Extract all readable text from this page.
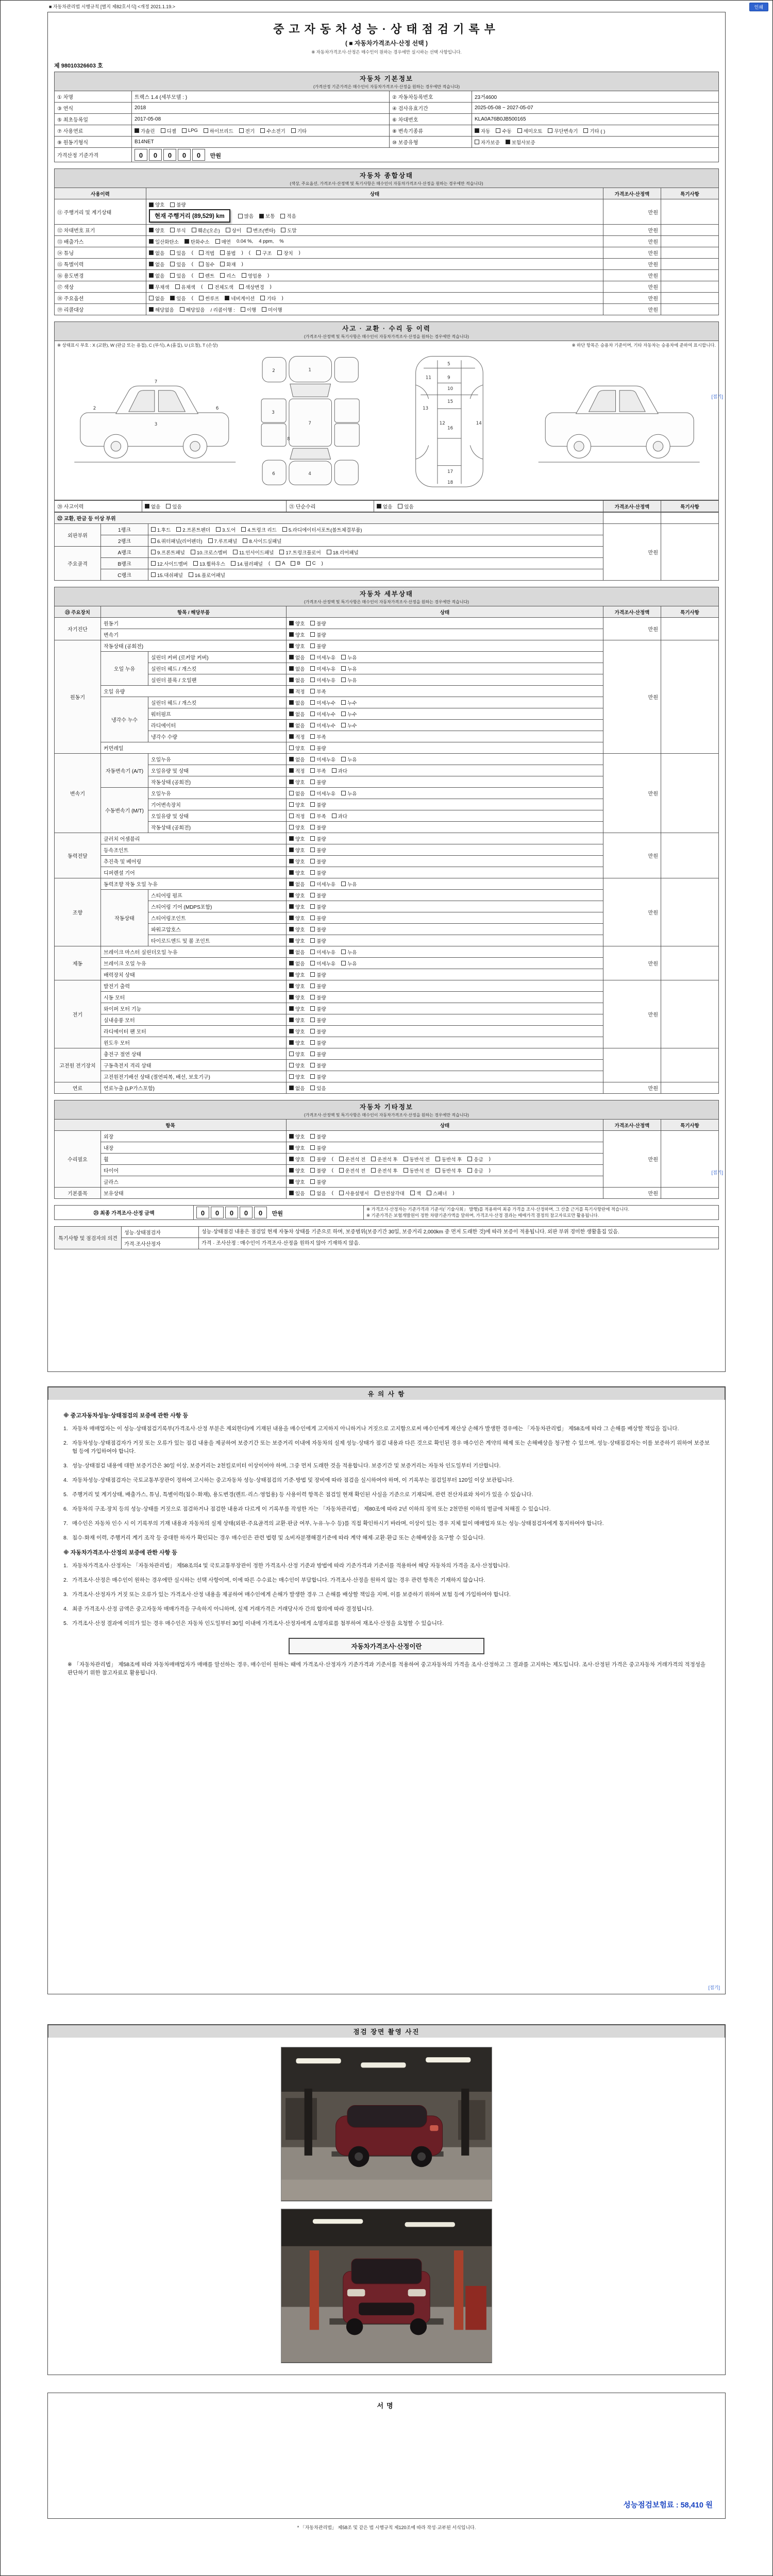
■ 자동차관리법 시행규칙 [별지 제82호서식] <개정 2021.1.19.>	인쇄
[접기]
[접기]
중고자동차성능·상태점검기록부
( ■ 자동차가격조사·산정 선택 )
※ 자동차가격조사·산정은 매수인이 원하는 경우에만 실시하는 선택 사항입니다.
제 98010326603 호
자동차 기본정보
(가격산정 기준가격은 매수인이 자동차가격조사·산정을 원하는 경우에만 적습니다)
① 차명	트랙스 1.4 (세부모델 : )	② 자동차등록번호	23거4600
③ 연식	2018	④ 검사유효기간	2025-05-08 ~ 2027-05-07
⑤ 최초등록일	2017-05-08	⑥ 차대번호	KLA0A76B0JB500165
⑦ 사용연료	가솔린 디젤 LPG 하이브리드 전기 수소전기 기타	⑧ 변속기종류	자동 수동 세미오토 무단변속기 기타 ( )

⑨ 원동기형식	B14NET	⑩ 보증유형	자가보증 보험사보증

가격산정 기준가격	0 0 0 0 0 만원		
자동차 종합상태
(색상, 주요옵션, 가격조사·산정액 및 특기사항은 매수인이 자동차가격조사·산정을 원하는 경우에만 적습니다)
사용이력	상태	가격조사·산정액	특기사항
⑪ 주행거리 및 계기상태	
양호 불량
현재 주행거리 (89,529) km	많음 보통 적음
	만원	
⑫ 차대번호 표기	양호 부식 훼손(오손) 상이 변조(변타) 도말	만원	
⑬ 배출가스	일산화탄소 탄화수소 매연 0.04 %, 4 ppm, %	만원	
⑭ 튜닝	없음 있음 ( 적법 불법 ) ( 구조 장치 )	만원	
⑮ 특별이력	없음 있음 ( 침수 화재 )	만원	
⑯ 용도변경	없음 있음 ( 렌트 리스 영업용 )	만원	
⑰ 색상	무채색 유채색 ( 전체도색 색상변경 )	만원	
⑱ 주요옵션	없음 있음 ( 썬루프 네비게이션 기타 )	만원	
⑲ 리콜대상	해당없음 해당있음 / 리콜이행 : 이행 미이행	만원	
사고 · 교환 · 수리 등 이력
(가격조사·산정액 및 특기사항은 매수인이 자동차가격조사·산정을 원하는 경우에만 적습니다)
※ 상태표시 부호 : X (교환), W (판금 또는 용접), C (부식), A (흠집), U (요철), T (손상)	※ 하단 항목은 승용차 기준이며, 기타 자동차는 승용차에 준하여 표시합니다.
2
3
6
7
1
2
3
4
6
7
8
5
9
10
11
12
13
14
15
16
17
18
⑳ 사고이력	없음 있음	㉑ 단순수리	없음 있음	가격조사·산정액	특기사항
㉒ 교환, 판금 등 이상 부위				
외판부위	1랭크	1.후드 2.프론트펜더 3.도어 4.트렁크 리드 5.라디에이터서포트(볼트체결부품)	만원	
	2랭크	6.쿼터패널(리어펜더) 7.루프패널 8.사이드실패널		

주요골격	A랭크	9.프론트패널 10.크로스멤버 11.인사이드패널 17.트렁크플로어 18.리어패널		

B랭크	12.사이드멤버 13.휠하우스 14.필러패널 ( A B C )

	C랭크	15.대쉬패널 16.플로어패널		
자동차 세부상태
(가격조사·산정액 및 특기사항은 매수인이 자동차가격조사·산정을 원하는 경우에만 적습니다)
㉓ 주요장치	항목 / 해당부품		상태	가격조사·산정액	특기사항
자기진단	원동기		양호 불량	만원	
	변속기		양호 불량		

원동기	작동상태 (공회전)		양호 불량	만원	
	오일 누유	실린더 커버 (로커암 커버)	없음 미세누유 누유		

		실린더 헤드 / 개스킷	없음 미세누유 누유		

		실린더 블록 / 오일팬	없음 미세누유 누유		

	오일 유량		적정 부족		

	냉각수 누수	실린더 헤드 / 개스킷	없음 미세누수 누수		

		워터펌프	없음 미세누수 누수		

		라디에이터	없음 미세누수 누수		

		냉각수 수량	적정 부족		

	커먼레일		양호 불량		

변속기	자동변속기 (A/T)	오일누유	없음 미세누유 누유	만원	
		오일유량 및 상태	적정 부족 과다		

		작동상태 (공회전)	양호 불량		

	수동변속기 (M/T)	오일누유	없음 미세누유 누유		

		기어변속장치	양호 불량		

		오일유량 및 상태	적정 부족 과다		

		작동상태 (공회전)	양호 불량		

동력전달	클러치 어셈블리		양호 불량	만원	
	등속조인트		양호 불량		

	추진축 및 베어링		양호 불량		

	디퍼렌셜 기어		양호 불량		

조향	동력조향 작동 오일 누유		없음 미세누유 누유	만원	
	작동상태	스티어링 펌프	양호 불량		

		스티어링 기어 (MDPS포함)	양호 불량		

		스티어링조인트	양호 불량		

		파워고압호스	양호 불량		

		타이로드엔드 및 볼 조인트	양호 불량		

제동	브레이크 마스터 실린더오일 누유		없음 미세누유 누유	만원	
	브레이크 오일 누유		없음 미세누유 누유		

	배력장치 상태		양호 불량		

전기	발전기 출력		양호 불량	만원	
	시동 모터		양호 불량		

	와이퍼 모터 기능		양호 불량		

	실내송풍 모터		양호 불량		

	라디에이터 팬 모터		양호 불량		

	윈도우 모터		양호 불량		

고전원 전기장치	충전구 절연 상태		양호 불량		

	구동축전지 격리 상태		양호 불량		

	고전원전기배선 상태 (절연피복, 배선, 보호기구)		양호 불량		

연료	연료누출 (LP가스포함)		없음 있음	만원	
자동차 기타정보
(가격조사·산정액 및 특기사항은 매수인이 자동차가격조사·산정을 원하는 경우에만 적습니다)
항목		상태	가격조사·산정액	특기사항
수리필요	외장	양호 불량	만원	
	내장	양호 불량		

휠	양호 불량 ( 운전석 전 운전석 후 동반석 전 동반석 후 응급 )

타이어	양호 불량 ( 운전석 전 운전석 후 동반석 전 동반석 후 응급 )

	글라스	양호 불량		

기본품목	보유상태	있음 없음 ( 사용설명서 안전삼각대 잭 스패너 )	만원	
㉕ 최종 가격조사·산정 금액	0 0 0 0 0 만원	
※ 가격조사·산정자는 기준가격과 기준서(「기술사회」 발행)를 적용하여 최종 가격을 조사·산정하며, 그 산출 근거를 특기사항란에 적습니다.
※ 기준가격은 보험개발원이 정한 차량기준가액을 말하며, 가격조사·산정 결과는 매매가격 결정의 참고자료로만 활용됩니다.
특기사항 및 점검자의 의견	성능·상태점검자	성능·상태점검 내용은 점검일 현재 자동차 상태를 기준으로 하며, 보증범위(보증기간 30일, 보증거리 2,000km 중 먼저 도래한 것)에 따라 보증이 적용됩니다. 외판 부위 경미한 생활흠집 있음.
	가격·조사산정자	가격 · 조사산정 : 매수인이 가격조사·산정을 원하지 않아 기재하지 않음.
유 의 사 항
※ 중고자동차성능·상태점검의 보증에 관한 사항 등
자동차 매매업자는 이 성능·상태점검기록부(가격조사·산정 부분은 제외한다)에 기재된 내용을 매수인에게 고지하지 아니하거나 거짓으로 고지함으로써 매수인에게 재산상 손해가 발생한 경우에는 「자동차관리법」 제58조에 따라 그 손해를 배상할 책임을 집니다.
자동차성능·상태점검자가 거짓 또는 오류가 있는 점검 내용을 제공하여 보증기간 또는 보증거리 이내에 자동차의 실제 성능·상태가 점검 내용과 다른 것으로 확인된 경우 매수인은 계약의 해제 또는 손해배상을 청구할 수 있으며, 성능·상태점검자는 이를 보증하기 위하여 보증보험 등에 가입하여야 합니다.
성능·상태점검 내용에 대한 보증기간은 30일 이상, 보증거리는 2천킬로미터 이상이어야 하며, 그중 먼저 도래한 것을 적용합니다. 보증기간 및 보증거리는 자동차 인도일부터 기산합니다.
자동차성능·상태점검자는 국토교통부장관이 정하여 고시하는 중고자동차 성능·상태점검의 기준·방법 및 장비에 따라 점검을 실시하여야 하며, 이 기록부는 점검일부터 120일 이상 보관됩니다.
주행거리 및 계기상태, 배출가스, 튜닝, 특별이력(침수·화재), 용도변경(렌트·리스·영업용) 등 사용이력 항목은 점검일 현재 확인된 사실을 기준으로 기재되며, 관련 전산자료와 차이가 있을 수 있습니다.
자동차의 구조·장치 등의 성능·상태를 거짓으로 점검하거나 점검한 내용과 다르게 이 기록부를 작성한 자는 「자동차관리법」 제80조에 따라 2년 이하의 징역 또는 2천만원 이하의 벌금에 처해질 수 있습니다.
매수인은 자동차 인수 시 이 기록부의 기재 내용과 자동차의 실제 상태(외판·주요골격의 교환·판금 여부, 누유·누수 등)를 직접 확인하시기 바라며, 이상이 있는 경우 지체 없이 매매업자 또는 성능·상태점검자에게 통지하여야 합니다.
침수·화재 이력, 주행거리 계기 조작 등 중대한 하자가 확인되는 경우 매수인은 관련 법령 및 소비자분쟁해결기준에 따라 계약 해제·교환·환급 또는 손해배상을 요구할 수 있습니다.
※ 자동차가격조사·산정의 보증에 관한 사항 등
자동차가격조사·산정자는 「자동차관리법」 제58조의4 및 국토교통부장관이 정한 가격조사·산정 기준과 방법에 따라 기준가격과 기준서를 적용하여 해당 자동차의 가격을 조사·산정합니다.
가격조사·산정은 매수인이 원하는 경우에만 실시하는 선택 사항이며, 이에 따른 수수료는 매수인이 부담합니다. 가격조사·산정을 원하지 않는 경우 관련 항목은 기재하지 않습니다.
가격조사·산정자가 거짓 또는 오류가 있는 가격조사·산정 내용을 제공하여 매수인에게 손해가 발생한 경우 그 손해를 배상할 책임을 지며, 이를 보증하기 위하여 보험 등에 가입하여야 합니다.
최종 가격조사·산정 금액은 중고자동차 매매가격을 구속하지 아니하며, 실제 거래가격은 거래당사자 간의 합의에 따라 결정됩니다.
가격조사·산정 결과에 이의가 있는 경우 매수인은 자동차 인도일부터 30일 이내에 가격조사·산정자에게 소명자료를 첨부하여 재조사·산정을 요청할 수 있습니다.
자동차가격조사·산정이란
※ 「자동차관리법」 제58조에 따라 자동차매매업자가 매매를 알선하는 경우, 매수인이 원하는 때에 가격조사·산정자가 기준가격과 기준서를 적용하여 중고자동차의 가격을 조사·산정하고 그 결과를 고지하는 제도입니다. 조사·산정된 가격은 중고자동차 거래가격의 적정성을 판단하기 위한 참고자료로 활용됩니다.
[접기]
점검 장면 촬영 사진
서명
성능점검보험료 : 58,410 원
* 「자동차관리법」 제58조 및 같은 법 시행규칙 제120조에 따라 작성·교부된 서식입니다.
